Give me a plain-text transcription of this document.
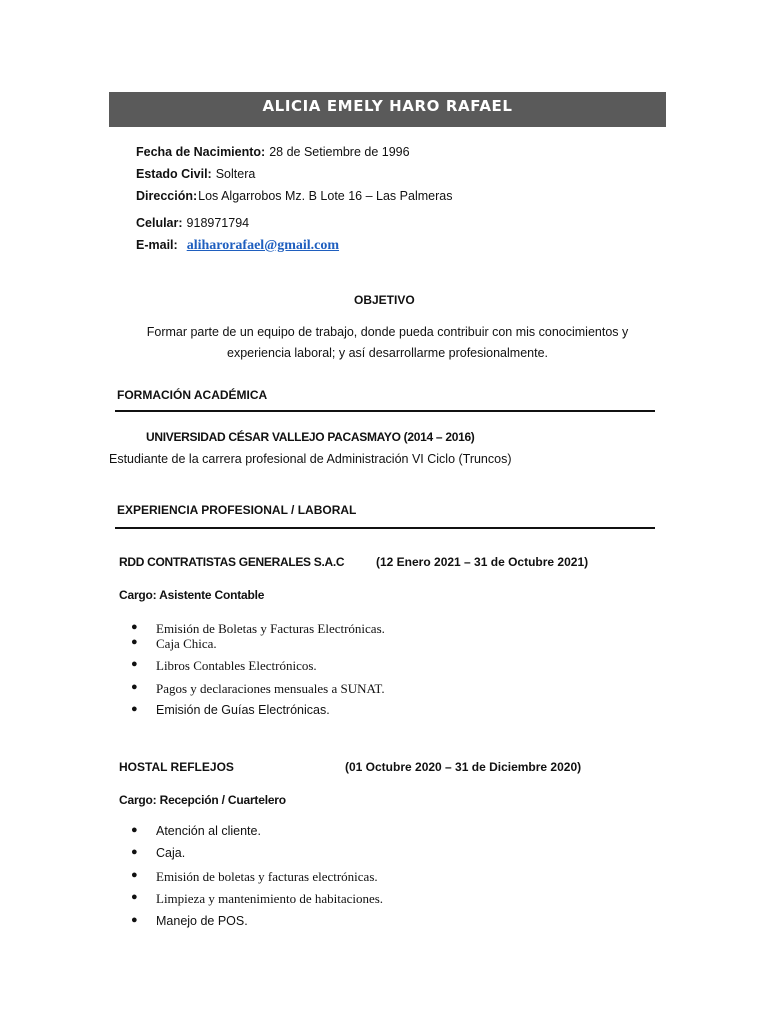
ALICIA EMELY HARO RAFAEL
Fecha de Nacimiento: 28 de Setiembre de 1996
Estado Civil: Soltera
Dirección:Los Algarrobos Mz. B Lote 16 – Las Palmeras
Celular: 918971794
E-mail: aliharorafael@gmail.com
OBJETIVO
Formar parte de un equipo de trabajo, donde pueda contribuir con mis conocimientos y
experiencia laboral; y así desarrollarme profesionalmente.
FORMACIÓN ACADÉMICA
UNIVERSIDAD CÉSAR VALLEJO PACASMAYO (2014 – 2016)
Estudiante de la carrera profesional de Administración VI Ciclo (Truncos)
EXPERIENCIA PROFESIONAL / LABORAL
RDD CONTRATISTAS GENERALES S.A.C	(12 Enero 2021 – 31 de Octubre 2021)
Cargo: Asistente Contable
● Emisión de Boletas y Facturas Electrónicas.
● Caja Chica.
● Libros Contables Electrónicos.
● Pagos y declaraciones mensuales a SUNAT.
● Emisión de Guías Electrónicas.
HOSTAL REFLEJOS	(01 Octubre 2020 – 31 de Diciembre 2020)
Cargo: Recepción / Cuartelero
● Atención al cliente.
● Caja.
● Emisión de boletas y facturas electrónicas.
● Limpieza y mantenimiento de habitaciones.
● Manejo de POS.
